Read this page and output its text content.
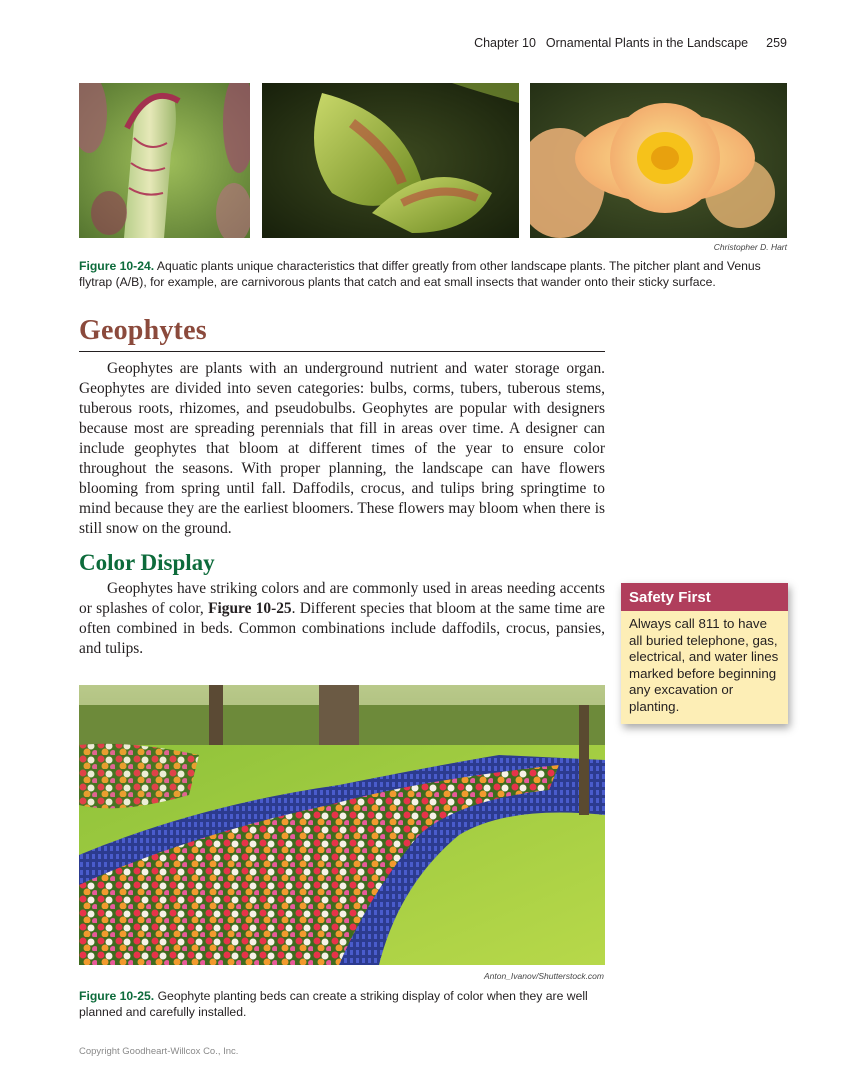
Chapter 10 Ornamental Plants in the Landscape 259
Christopher D. Hart
Figure 10-24. Aquatic plants unique characteristics that differ greatly from other landscape plants. The pitcher plant and Venus flytrap (A/B), for example, are carnivorous plants that catch and eat small insects that wander onto their sticky surface.
Geophytes

Geophytes are plants with an underground nutrient and water storage organ. Geophytes are divided into seven categories: bulbs, corms, tubers, tuberous stems, tuberous roots, rhizomes, and pseudobulbs. Geophytes are popular with designers because most are spreading perennials that fill in areas over time. A designer can include geophytes that bloom at different times of the year to ensure color throughout the seasons. With proper planning, the landscape can have flowers blooming from spring until fall. Daffodils, crocus, and tulips bring springtime to mind because they are the earliest bloomers. These flowers may bloom when there is still snow on the ground.

Color Display

Geophytes have striking colors and are commonly used in areas needing accents or splashes of color, Figure 10-25. Different species that bloom at the same time are often combined in beds. Common combinations include daffodils, crocus, pansies, and tulips.

Safety First
Always call 811 to have all buried telephone, gas, electrical, and water lines marked before beginning any excavation or planting.
Anton_Ivanov/Shutterstock.com
Figure 10-25. Geophyte planting beds can create a striking display of color when they are well planned and carefully installed.
Copyright Goodheart-Willcox Co., Inc.
